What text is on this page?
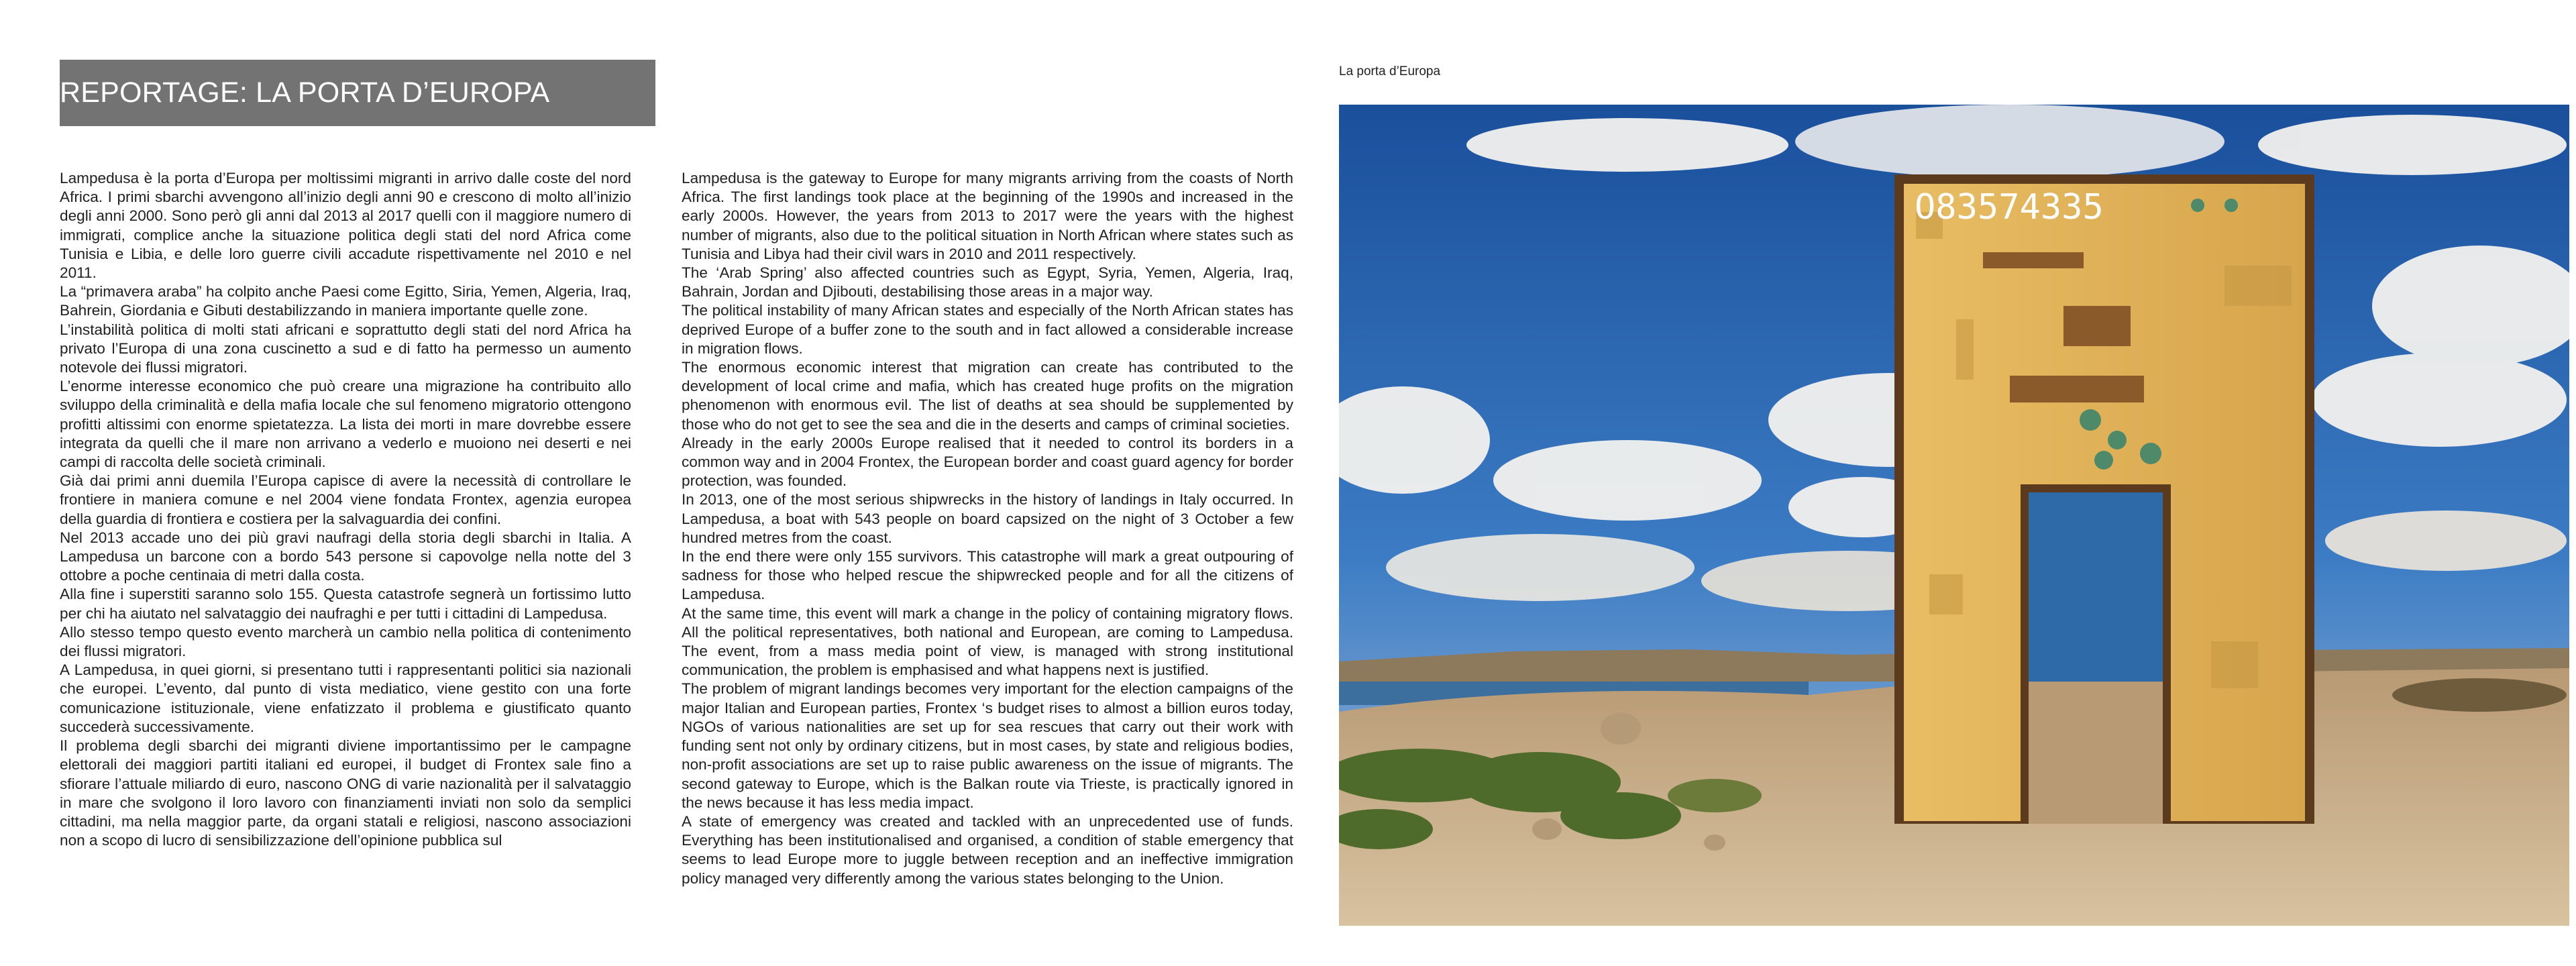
REPORTAGE: LA PORTA D’EUROPA

Lampedusa è la porta d’Europa per moltissimi migranti in arrivo dalle coste del nord Africa. I primi sbarchi avvengono all’inizio degli anni 90 e crescono di molto all’inizio degli anni 2000. Sono però gli anni dal 2013 al 2017 quelli con il maggiore numero di immigrati, complice anche la situazione politica degli stati del nord Africa come Tunisia e Libia, e delle loro guerre civili accadute rispettivamente nel 2010 e nel 2011.

La “primavera araba” ha colpito anche Paesi come Egitto, Siria, Yemen, Algeria, Iraq, Bahrein, Giordania e Gibuti destabilizzando in maniera importante quelle zone.

L’instabilità politica di molti stati africani e soprattutto degli stati del nord Africa ha privato l’Europa di una zona cuscinetto a sud e di fatto ha permesso un aumento notevole dei flussi migratori.

L’enorme interesse economico che può creare una migrazione ha contribuito allo sviluppo della criminalità e della mafia locale che sul fenomeno migratorio ottengono profitti altissimi con enorme spietatezza. La lista dei morti in mare dovrebbe essere integrata da quelli che il mare non arrivano a vederlo e muoiono nei deserti e nei campi di raccolta delle società criminali.

Già dai primi anni duemila l’Europa capisce di avere la necessità di controllare le frontiere in maniera comune e nel 2004 viene fondata Frontex, agenzia europea della guardia di frontiera e costiera per la salvaguardia dei confini.

Nel 2013 accade uno dei più gravi naufragi della storia degli sbarchi in Italia. A Lampedusa un barcone con a bordo 543 persone si capovolge nella notte del 3 ottobre a poche centinaia di metri dalla costa.

Alla fine i superstiti saranno solo 155. Questa catastrofe segnerà un fortissimo lutto per chi ha aiutato nel salvataggio dei naufraghi e per tutti i cittadini di Lampedusa.

Allo stesso tempo questo evento marcherà un cambio nella politica di contenimento dei flussi migratori.

A Lampedusa, in quei giorni, si presentano tutti i rappresentanti politici sia nazionali che europei. L’evento, dal punto di vista mediatico, viene gestito con una forte comunicazione istituzionale, viene enfatizzato il problema e giustificato quanto succederà successivamente.

Il problema degli sbarchi dei migranti diviene importantissimo per le campagne elettorali dei maggiori partiti italiani ed europei, il budget di Frontex sale fino a sfiorare l’attuale miliardo di euro, nascono ONG di varie nazionalità per il salvataggio in mare che svolgono il loro lavoro con finanziamenti inviati non solo da semplici cittadini, ma nella maggior parte, da organi statali e religiosi, nascono associazioni non a scopo di lucro di sensibilizzazione dell’opinione pubblica sul

Lampedusa is the gateway to Europe for many migrants arriving from the coasts of North Africa. The first landings took place at the beginning of the 1990s and increased in the early 2000s. However, the years from 2013 to 2017 were the years with the highest number of migrants, also due to the political situation in North African where states such as Tunisia and Libya had their civil wars in 2010 and 2011 respectively.

The ‘Arab Spring’ also affected countries such as Egypt, Syria, Yemen, Algeria, Iraq, Bahrain, Jordan and Djibouti, destabilising those areas in a major way.

The political instability of many African states and especially of the North African states has deprived Europe of a buffer zone to the south and in fact allowed a considerable increase in migration flows.

The enormous economic interest that migration can create has contributed to the development of local crime and mafia, which has created huge profits on the migration phenomenon with enormous evil. The list of deaths at sea should be supplemented by those who do not get to see the sea and die in the deserts and camps of criminal societies.

Already in the early 2000s Europe realised that it needed to control its borders in a common way and in 2004 Frontex, the European border and coast guard agency for border protection, was founded.

In 2013, one of the most serious shipwrecks in the history of landings in Italy occurred. In Lampedusa, a boat with 543 people on board capsized on the night of 3 October a few hundred metres from the coast.

In the end there were only 155 survivors. This catastrophe will mark a great outpouring of sadness for those who helped rescue the shipwrecked people and for all the citizens of Lampedusa.

At the same time, this event will mark a change in the policy of containing migratory flows. All the political representatives, both national and European, are coming to Lampedusa. The event, from a mass media point of view, is managed with strong institutional communication, the problem is emphasised and what happens next is justified.

The problem of migrant landings becomes very important for the election campaigns of the major Italian and European parties, Frontex ‘s budget rises to almost a billion euros today, NGOs of various nationalities are set up for sea rescues that carry out their work with funding sent not only by ordinary citizens, but in most cases, by state and religious bodies, non-profit associations are set up to raise public awareness on the issue of migrants. The second gateway to Europe, which is the Balkan route via Trieste, is practically ignored in the news because it has less media impact.

A state of emergency was created and tackled with an unprecedented use of funds. Everything has been institutionalised and organised, a condition of stable emergency that seems to lead Europe more to juggle between reception and an ineffective immigration policy managed very differently among the various states belonging to the Union.

La porta d’Europa
O83574335
